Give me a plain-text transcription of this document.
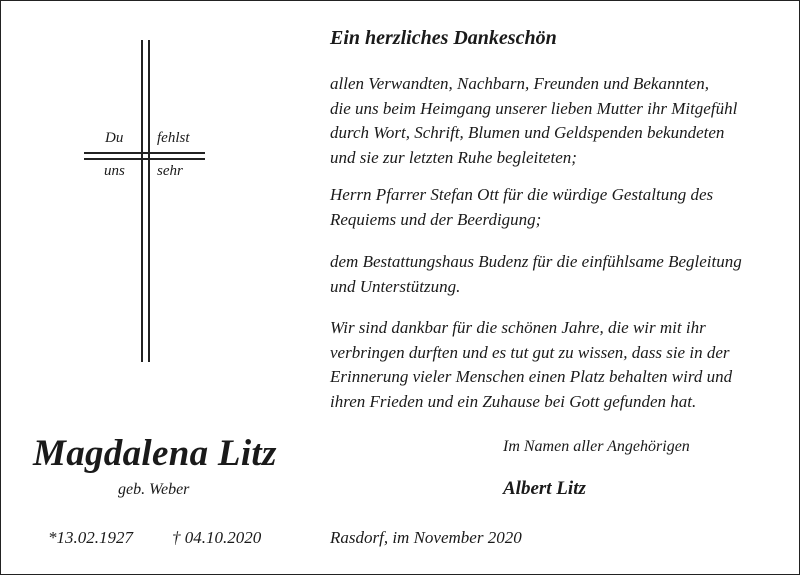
Du fehlst
uns sehr
Ein herzliches Dankeschön
allen Verwandten, Nachbarn, Freunden und Bekannten,
die uns beim Heimgang unserer lieben Mutter ihr Mitgefühl
durch Wort, Schrift, Blumen und Geldspenden bekundeten
und sie zur letzten Ruhe begleiteten;
Herrn Pfarrer Stefan Ott für die würdige Gestaltung des
Requiems und der Beerdigung;
dem Bestattungshaus Budenz für die einfühlsame Begleitung
und Unterstützung.
Wir sind dankbar für die schönen Jahre, die wir mit ihr
verbringen durften und es tut gut zu wissen, dass sie in der
Erinnerung vieler Menschen einen Platz behalten wird und
ihren Frieden und ein Zuhause bei Gott gefunden hat.
Magdalena Litz
geb. Weber
*13.02.1927 † 04.10.2020
Im Namen aller Angehörigen
Albert Litz
Rasdorf, im November 2020
